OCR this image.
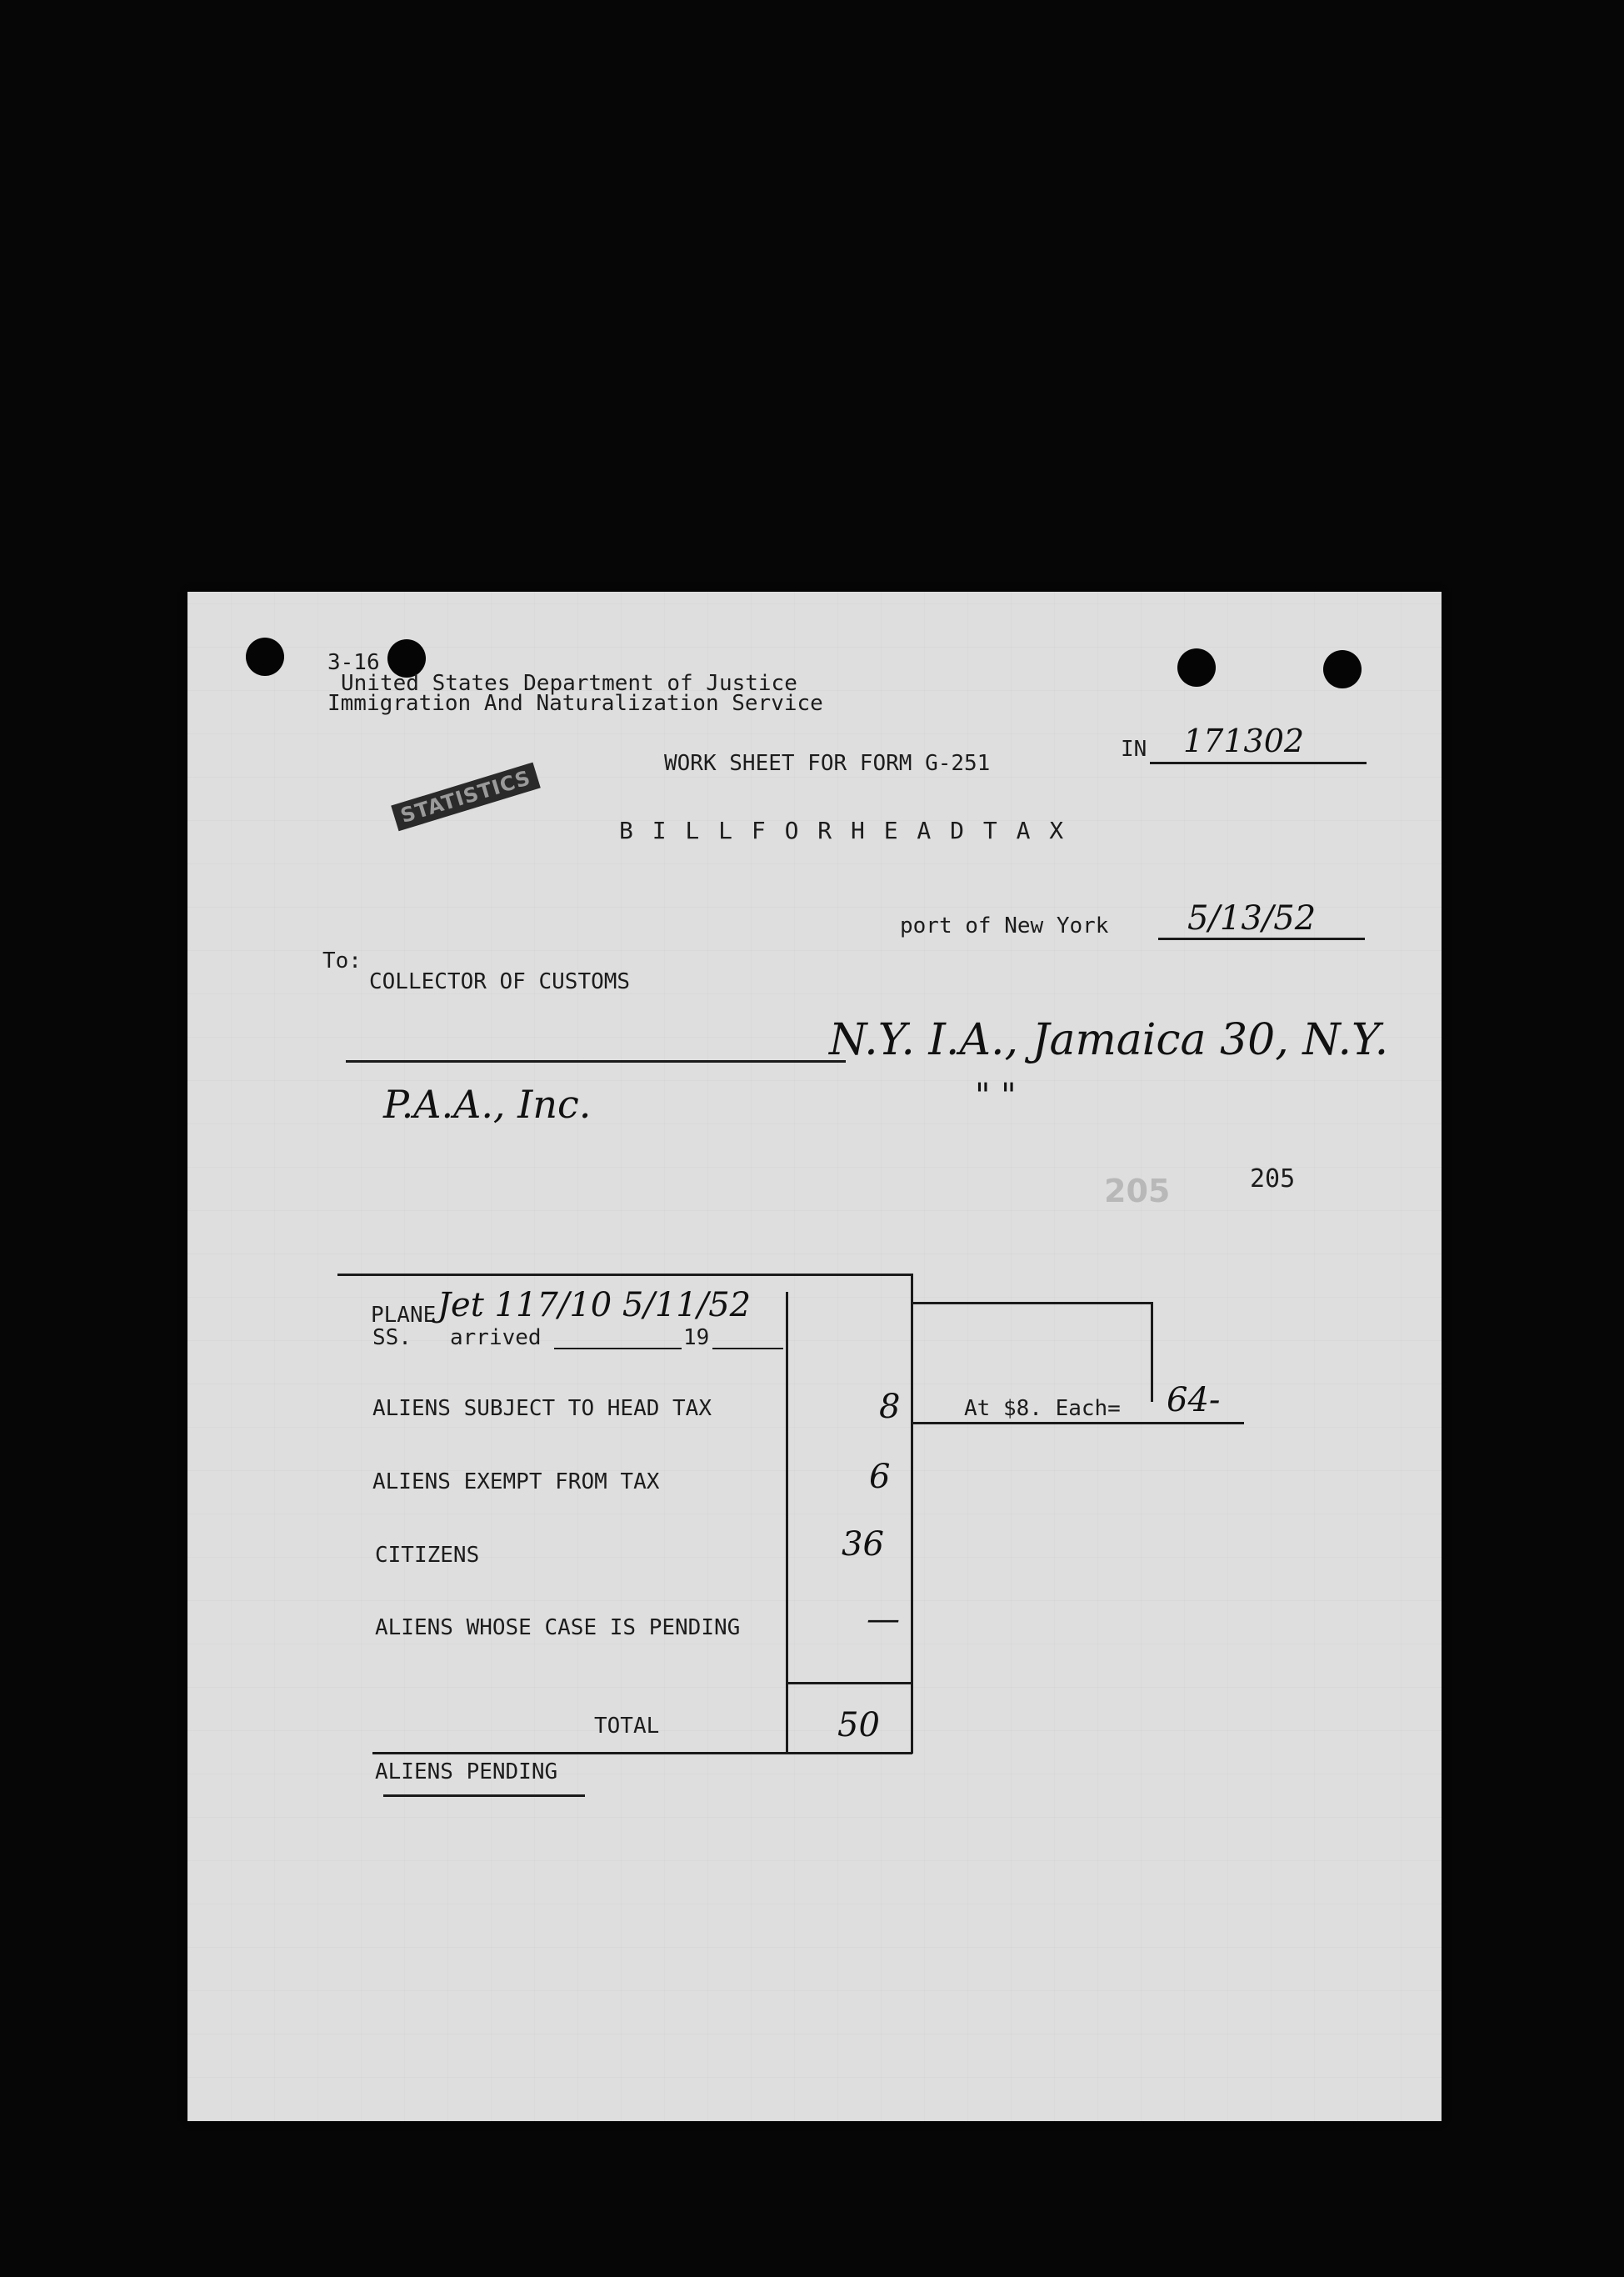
3-16
United States Department of Justice
Immigration And Naturalization Service
STATISTICS
WORK SHEET FOR FORM G-251
IN 171302
B I L L F O R H E A D T A X
port of New York 5/13/52
To:
COLLECTOR OF CUSTOMS
N.Y. I.A., Jamaica 30, N.Y.
" "
P.A.A., Inc.
205	205
PLANE Jet 117/10 5/11/52
SS. arrived	19
ALIENS SUBJECT TO HEAD TAX	8	At $8. Each= 64-
ALIENS EXEMPT FROM TAX	6
CITIZENS	36
ALIENS WHOSE CASE IS PENDING	—
TOTAL	50
ALIENS PENDING
